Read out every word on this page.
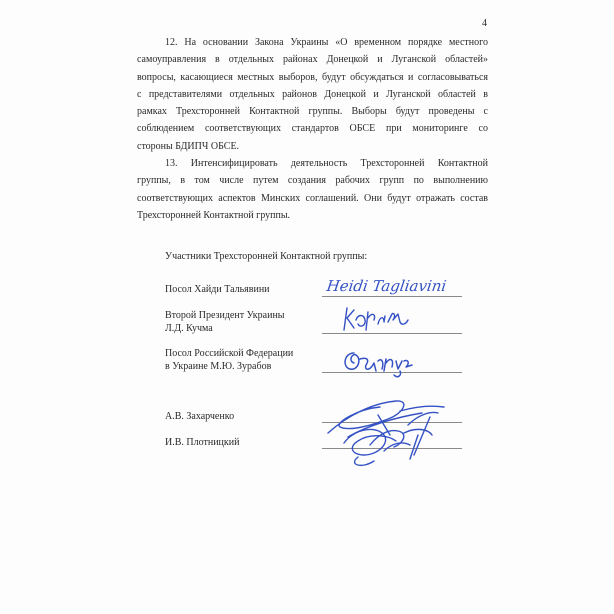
4
12. На основании Закона Украины «О временном порядке местного
самоуправления в отдельных районах Донецкой и Луганской областей»
вопросы, касающиеся местных выборов, будут обсуждаться и согласовываться
с представителями отдельных районов Донецкой и Луганской областей в
рамках Трехсторонней Контактной группы. Выборы будут проведены с
соблюдением соответствующих стандартов ОБСЕ при мониторинге со
стороны БДИПЧ ОБСЕ.
13. Интенсифицировать деятельность Трехсторонней Контактной
группы, в том числе путем создания рабочих групп по выполнению
соответствующих аспектов Минских соглашений. Они будут отражать состав
Трехсторонней Контактной группы.
Участники Трехсторонней Контактной группы:
Посол Хайди Тальявини
Второй Президент Украины
Л.Д. Кучма
Посол Российской Федерации
в Украине М.Ю. Зурабов
А.В. Захарченко
И.В. Плотницкий
Heidi Tagliavini
